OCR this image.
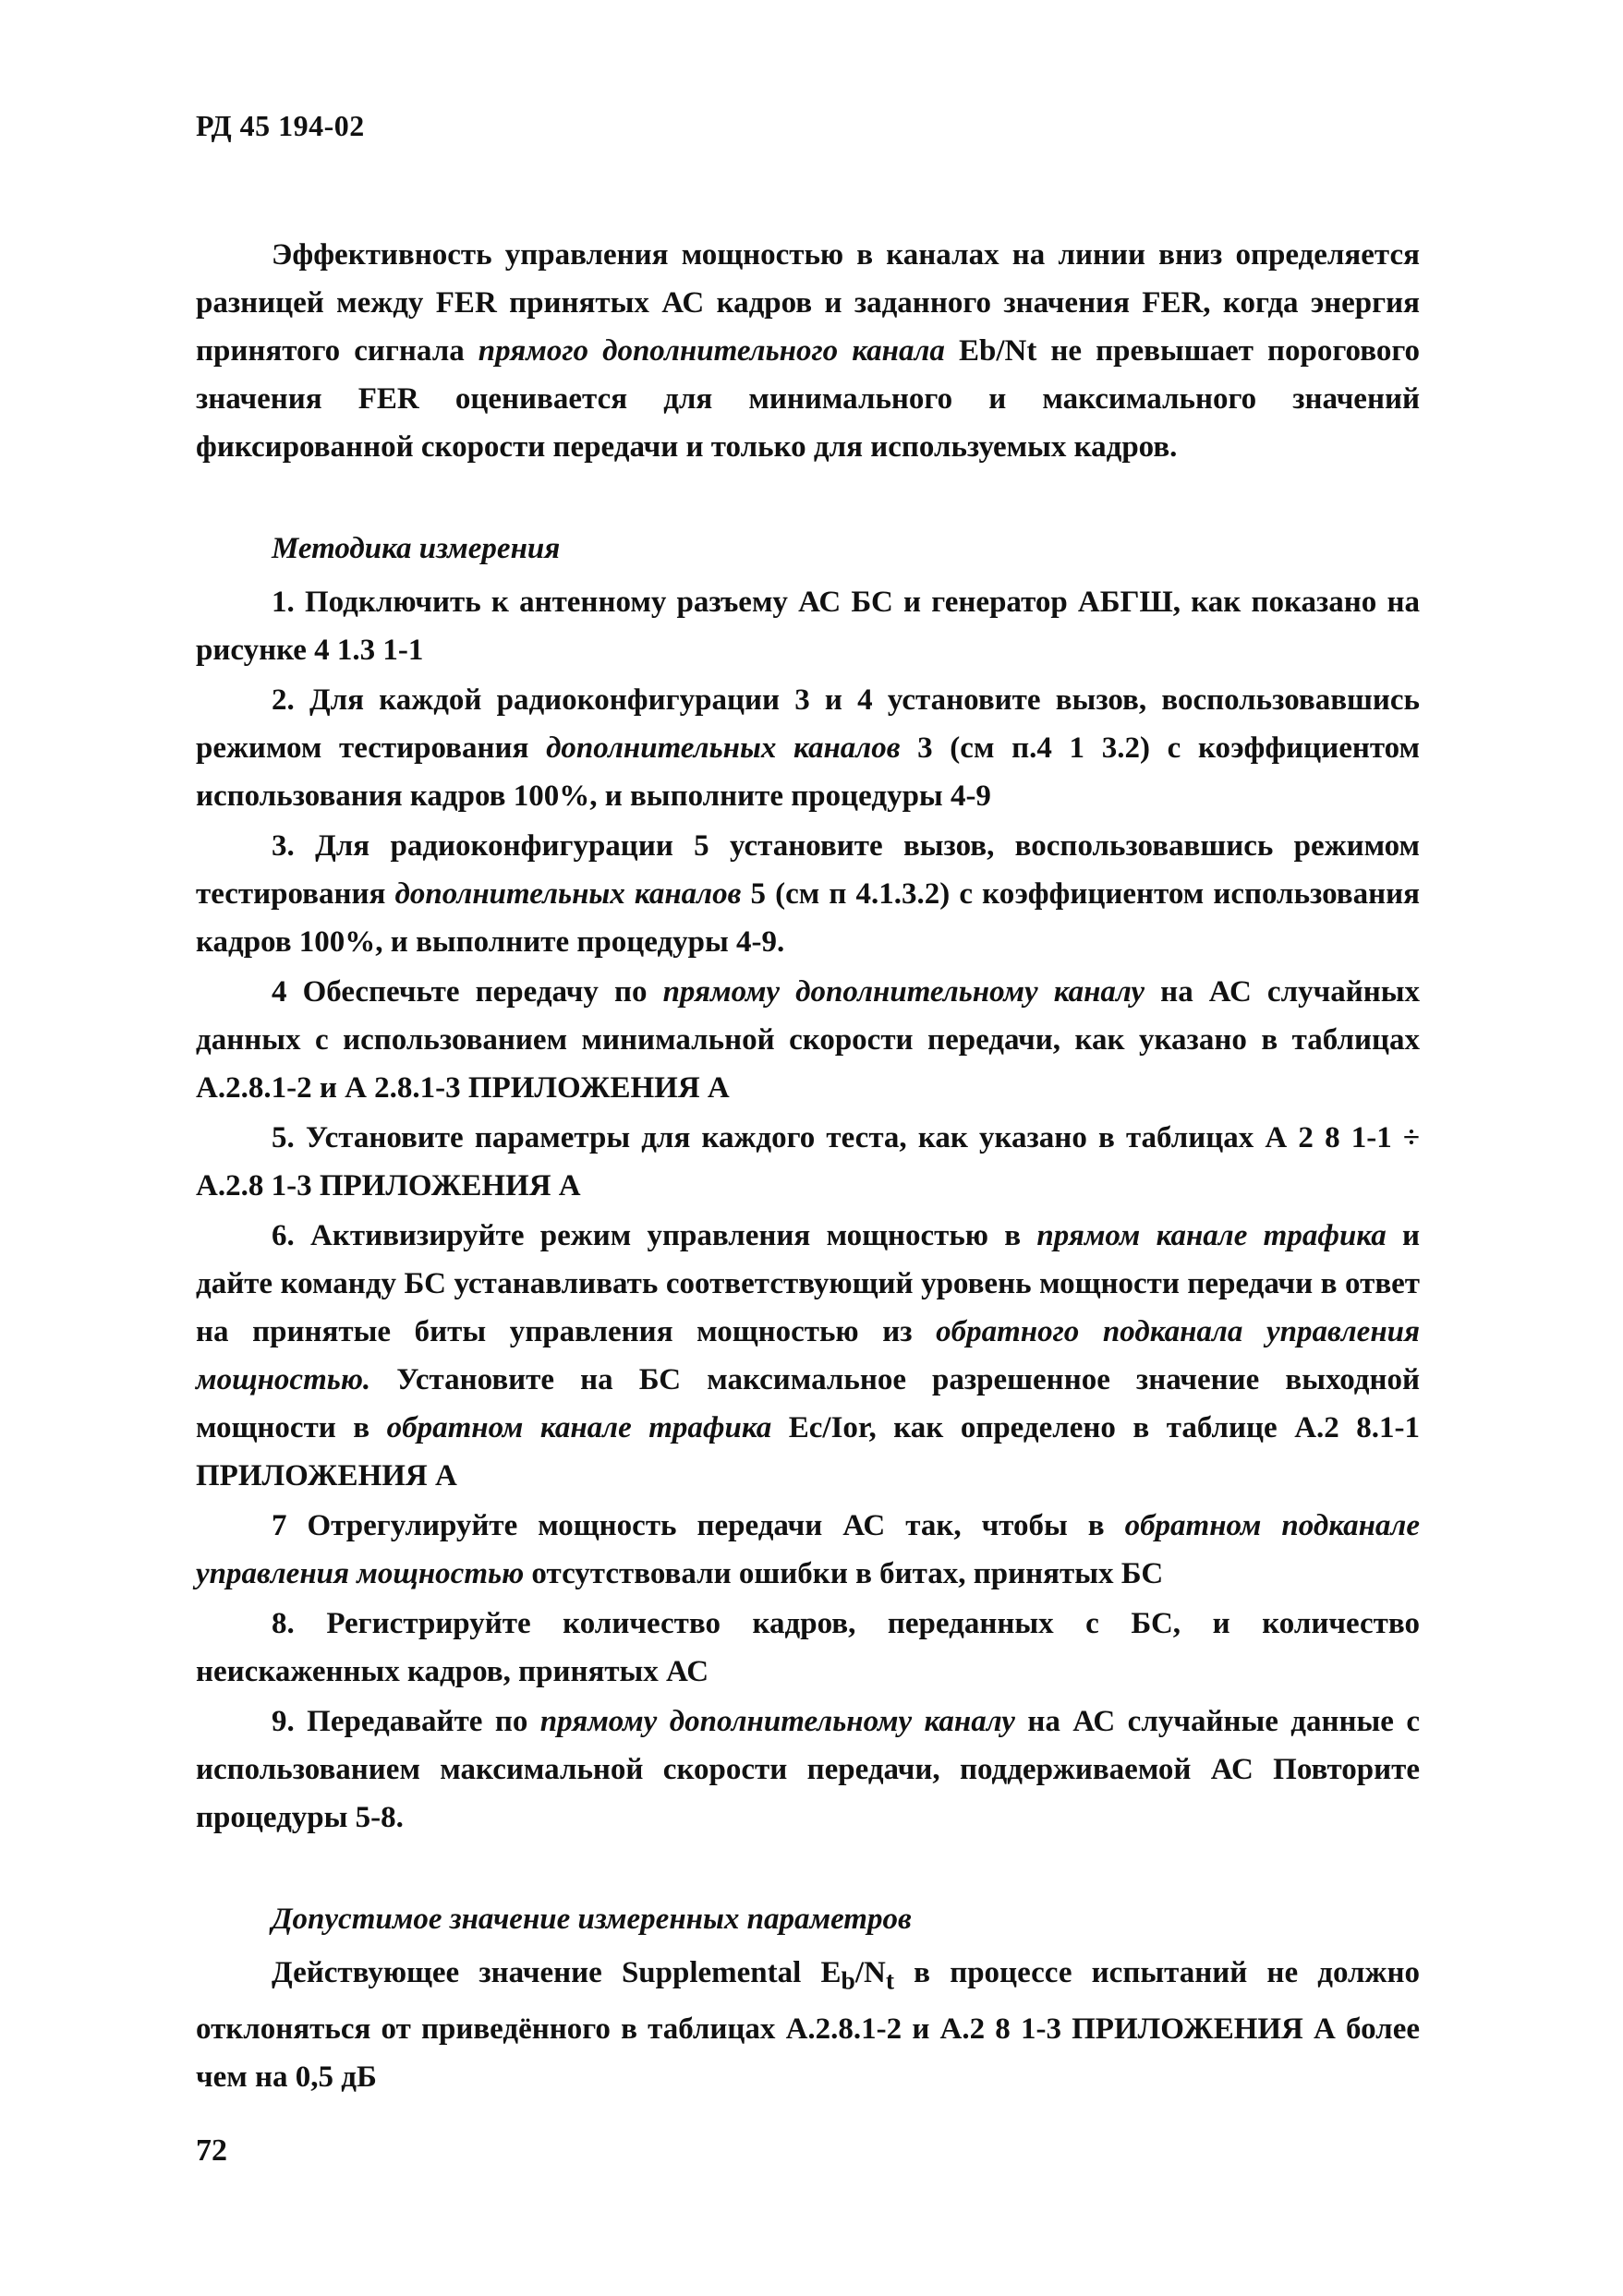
РД 45 194-02

Эффективность управления мощностью в каналах на линии вниз определяется разницей между FER принятых АС кадров и заданного значения FER, когда энергия принятого сигнала прямого дополнительного канала Eb/Nt не превышает порогового значения FER оценивается для минимального и максимального значений фиксированной скорости передачи и только для используемых кадров.

Методика измерения

1. Подключить к антенному разъему АС БС и генератор АБГШ, как показано на рисунке 4 1.3 1-1

2. Для каждой радиоконфигурации 3 и 4 установите вызов, воспользовавшись режимом тестирования дополнительных каналов 3 (см п.4 1 3.2) с коэффициентом использования кадров 100%, и выполните процедуры 4-9

3. Для радиоконфигурации 5 установите вызов, воспользовавшись режимом тестирования дополнительных каналов 5 (см п 4.1.3.2) с коэффициентом использования кадров 100%, и выполните процедуры 4-9.

4 Обеспечьте передачу по прямому дополнительному каналу на АС случайных данных с использованием минимальной скорости передачи, как указано в таблицах А.2.8.1-2 и А 2.8.1-3 ПРИЛОЖЕНИЯ А

5. Установите параметры для каждого теста, как указано в таблицах А 2 8 1-1 ÷ А.2.8 1-3 ПРИЛОЖЕНИЯ А

6. Активизируйте режим управления мощностью в прямом канале трафика и дайте команду БС устанавливать соответствующий уровень мощности передачи в ответ на принятые биты управления мощностью из обратного подканала управления мощностью. Установите на БС максимальное разрешенное значение выходной мощности в обратном канале трафика Ec/Ior, как определено в таблице А.2 8.1-1 ПРИЛОЖЕНИЯ А

7 Отрегулируйте мощность передачи АС так, чтобы в обратном подканале управления мощностью отсутствовали ошибки в битах, принятых БС

8. Регистрируйте количество кадров, переданных с БС, и количество неискаженных кадров, принятых АС

9. Передавайте по прямому дополнительному каналу на АС случайные данные с использованием максимальной скорости передачи, поддерживаемой АС Повторите процедуры 5-8.

Допустимое значение измеренных параметров

Действующее значение Supplemental $E_b/N_t$ в процессе испытаний не должно отклоняться от приведённого в таблицах А.2.8.1-2 и А.2 8 1-3 ПРИЛОЖЕНИЯ А более чем на 0,5 дБ

72
